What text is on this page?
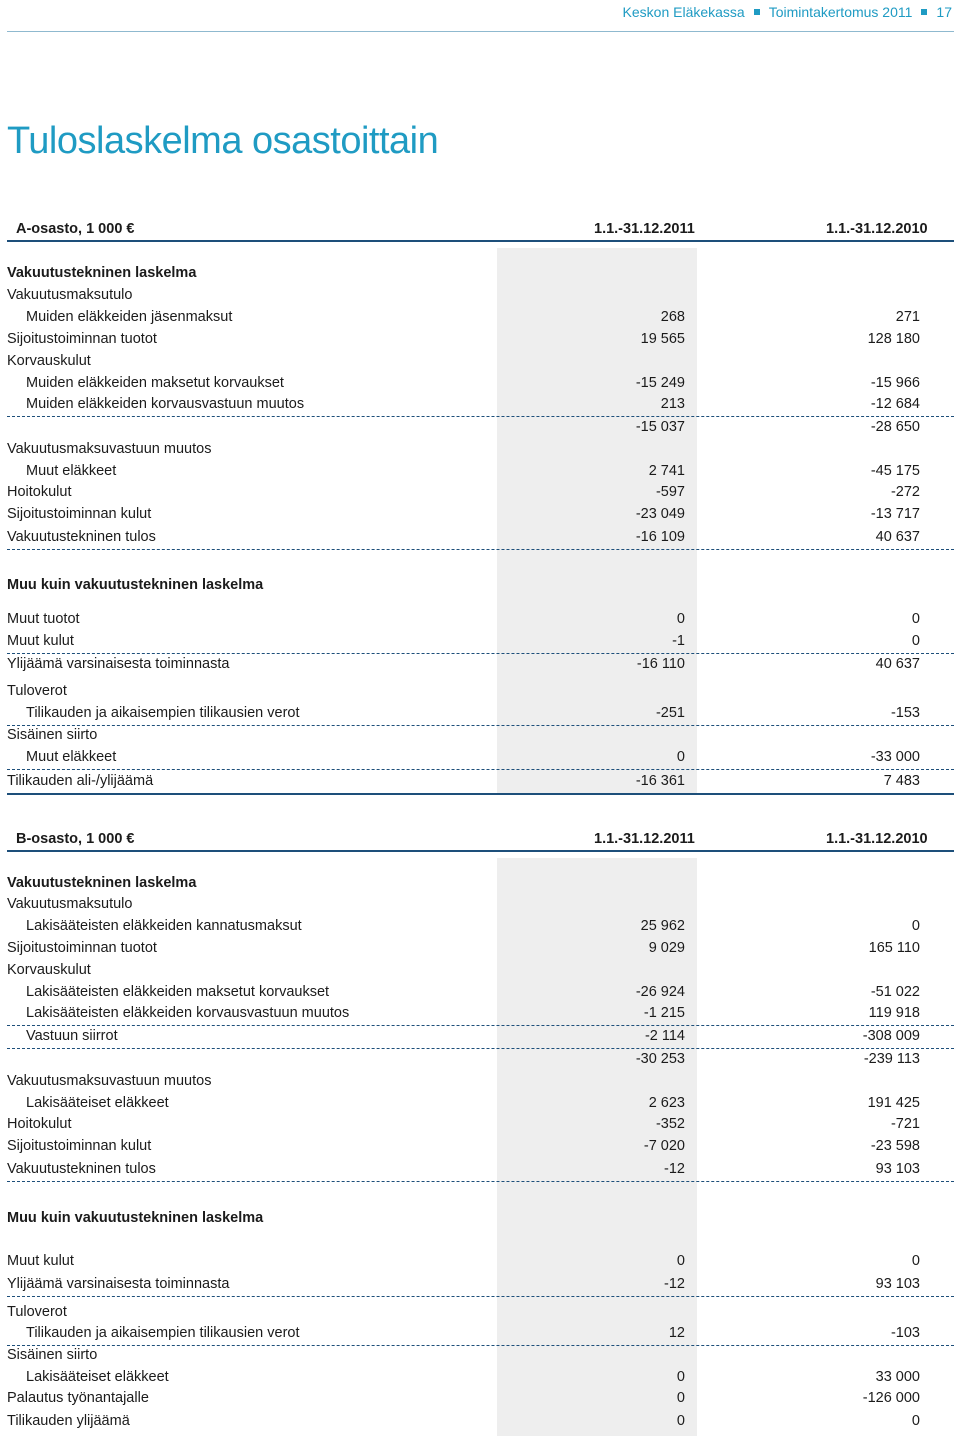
Keskon Eläkekassa Toimintakertomus 2011 17
Tuloslaskelma osastoittain
A-osasto, 1 000 €	1.1.-31.12.2011	1.1.-31.12.2010
Vakuutustekninen laskelma
Vakuutusmaksutulo
Muiden eläkkeiden jäsenmaksut	268	271
Sijoitustoiminnan tuotot	19 565	128 180
Korvauskulut
Muiden eläkkeiden maksetut korvaukset	-15 249	-15 966
Muiden eläkkeiden korvausvastuun muutos	213	-12 684
-15 037	-28 650
Vakuutusmaksuvastuun muutos
Muut eläkkeet	2 741	-45 175
Hoitokulut	-597	-272
Sijoitustoiminnan kulut	-23 049	-13 717
Vakuutustekninen tulos	-16 109	40 637
Muu kuin vakuutustekninen laskelma
Muut tuotot	0	0
Muut kulut	-1	0
Ylijäämä varsinaisesta toiminnasta	-16 110	40 637
Tuloverot
Tilikauden ja aikaisempien tilikausien verot	-251	-153
Sisäinen siirto
Muut eläkkeet	0	-33 000
Tilikauden ali-/ylijäämä	-16 361	7 483
B-osasto, 1 000 €	1.1.-31.12.2011	1.1.-31.12.2010
Vakuutustekninen laskelma
Vakuutusmaksutulo
Lakisääteisten eläkkeiden kannatusmaksut	25 962	0
Sijoitustoiminnan tuotot	9 029	165 110
Korvauskulut
Lakisääteisten eläkkeiden maksetut korvaukset	-26 924	-51 022
Lakisääteisten eläkkeiden korvausvastuun muutos	-1 215	119 918
Vastuun siirrot	-2 114	-308 009
-30 253	-239 113
Vakuutusmaksuvastuun muutos
Lakisääteiset eläkkeet	2 623	191 425
Hoitokulut	-352	-721
Sijoitustoiminnan kulut	-7 020	-23 598
Vakuutustekninen tulos	-12	93 103
Muu kuin vakuutustekninen laskelma
Muut kulut	0	0
Ylijäämä varsinaisesta toiminnasta	-12	93 103
Tuloverot
Tilikauden ja aikaisempien tilikausien verot	12	-103
Sisäinen siirto
Lakisääteiset eläkkeet	0	33 000
Palautus työnantajalle	0	-126 000
Tilikauden ylijäämä	0	0
